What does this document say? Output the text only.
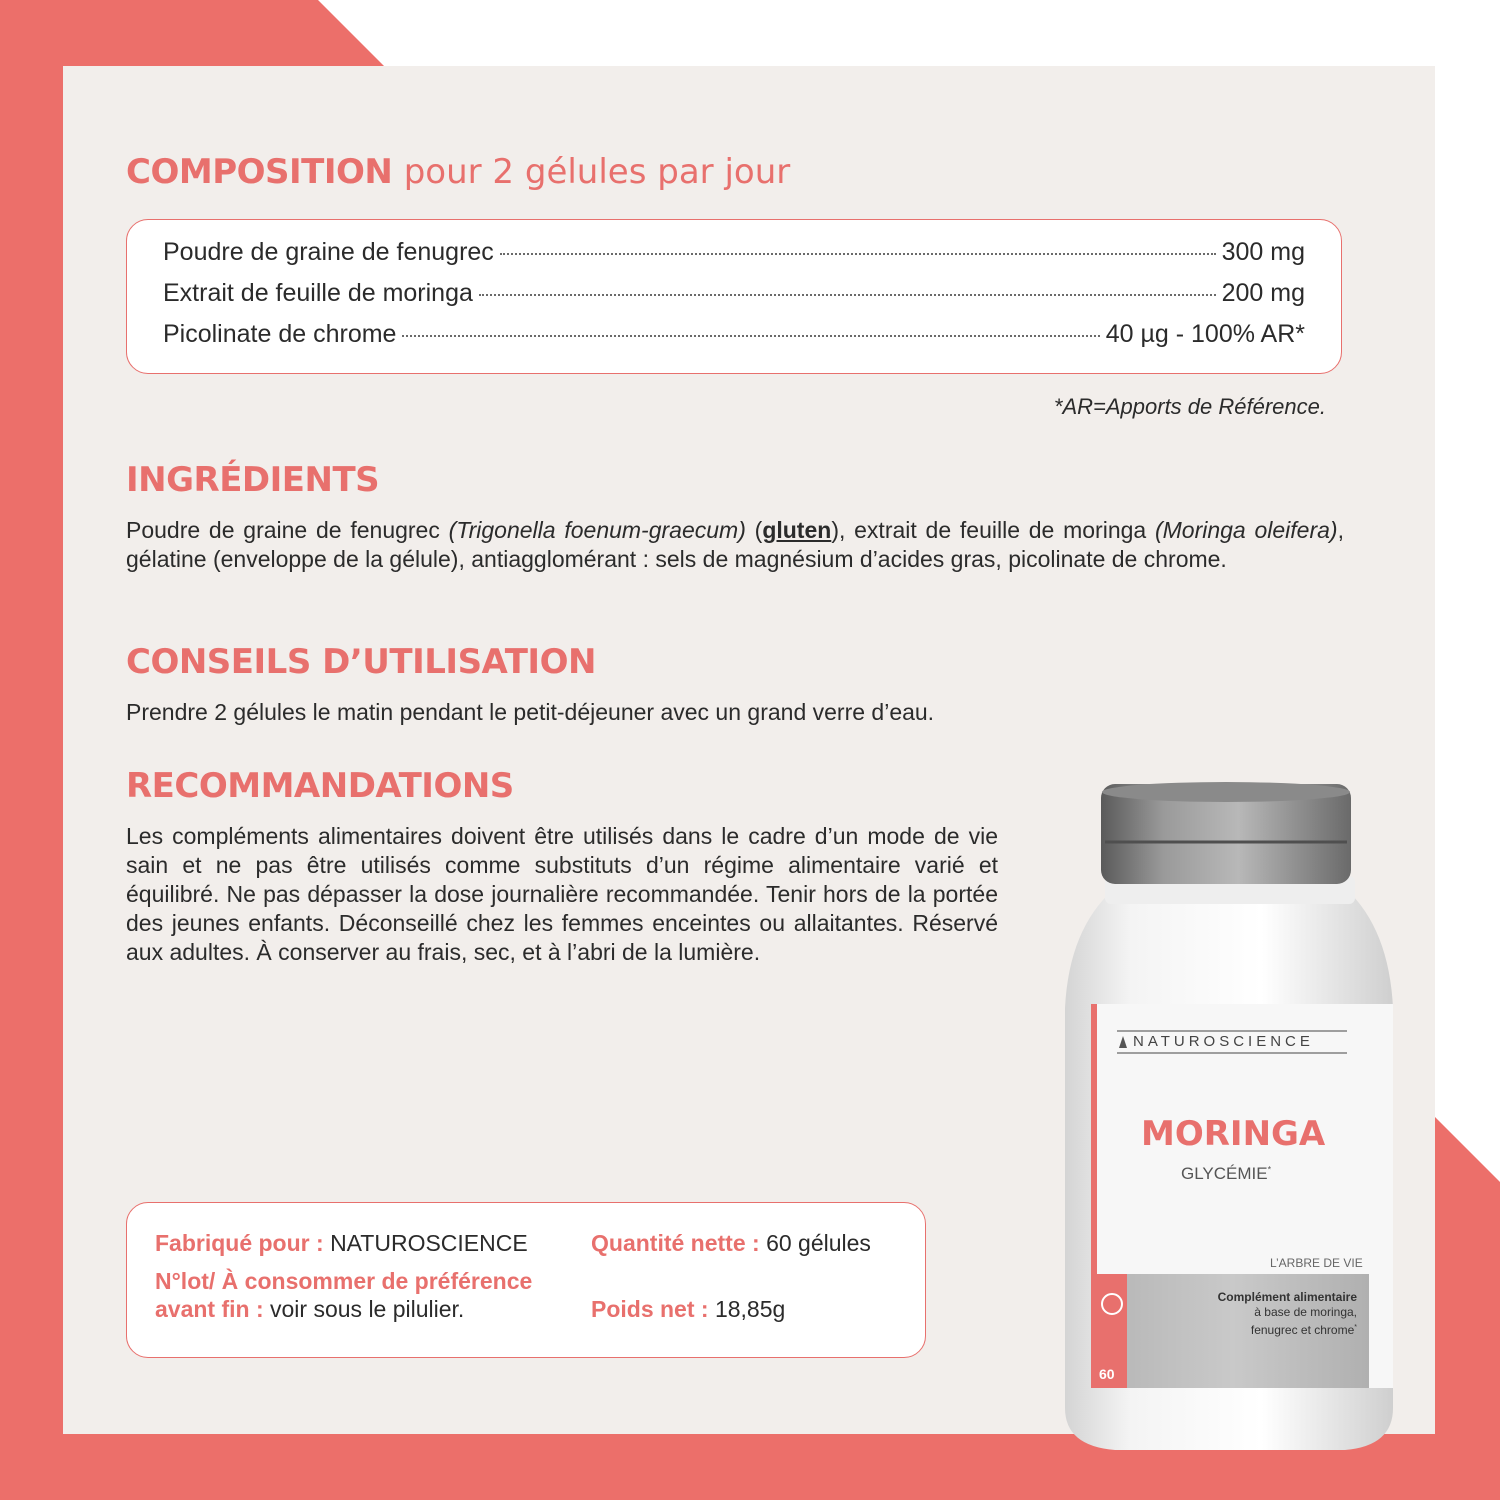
COMPOSITION pour 2 gélules par jour
Poudre de graine de fenugrec	300 mg
Extrait de feuille de moringa	200 mg
Picolinate de chrome	40 µg - 100% AR*
*AR=Apports de Référence.
INGRÉDIENTS

Poudre de graine de fenugrec (Trigonella foenum-graecum) (gluten), extrait de feuille de moringa (Moringa oleifera), gélatine (enveloppe de la gélule), antiagglomérant : sels de magnésium d’acides gras, picolinate de chrome.

CONSEILS D’UTILISATION

Prendre 2 gélules le matin pendant le petit-déjeuner avec un grand verre d’eau.

RECOMMANDATIONS

Les compléments alimentaires doivent être utilisés dans le cadre d’un mode de vie sain et ne pas être utilisés comme substituts d’un régime alimentaire varié et équilibré. Ne pas dépasser la dose journalière recommandée. Tenir hors de la portée des jeunes enfants. Déconseillé chez les femmes enceintes ou allaitantes. Réservé aux adultes. À conserver au frais, sec, et à l’abri de la lumière.

Fabriqué pour : NATUROSCIENCE
N°lot/ À consommer de préférence
avant fin : voir sous le pilulier.
Quantité nette : 60 gélules
Poids net : 18,85g
NATUROSCIENCE
MORINGA
GLYCÉMIE*
L’ARBRE DE VIE
Complément alimentaire
à base de moringa,
fenugrec et chrome*
60
